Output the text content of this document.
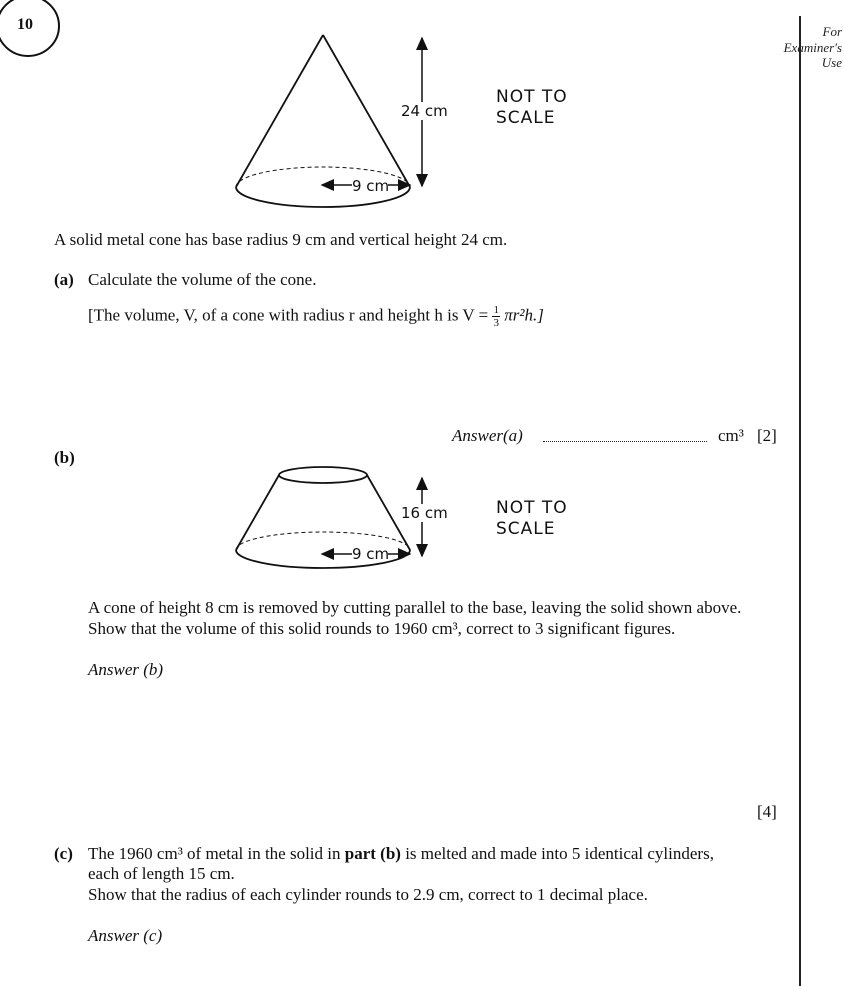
10	For
Examiner's
Use
24 cm
9 cm
NOT TO
SCALE
A solid metal cone has base radius 9 cm and vertical height 24 cm.
(a) Calculate the volume of the cone.
[The volume, V, of a cone with radius r and height h is $V = \frac{1}{3} \pi r^2h$.]
Answer(a)	cm³ [2]
(b)
16 cm
9 cm
NOT TO
SCALE
A cone of height 8 cm is removed by cutting parallel to the base, leaving the solid shown above.
Show that the volume of this solid rounds to 1960 cm³, correct to 3 significant figures.
Answer (b)
[4]
(c) The 1960 cm³ of metal in the solid in part (b) is melted and made into 5 identical cylinders,
each of length 15 cm.
Show that the radius of each cylinder rounds to 2.9 cm, correct to 1 decimal place.
Answer (c)
